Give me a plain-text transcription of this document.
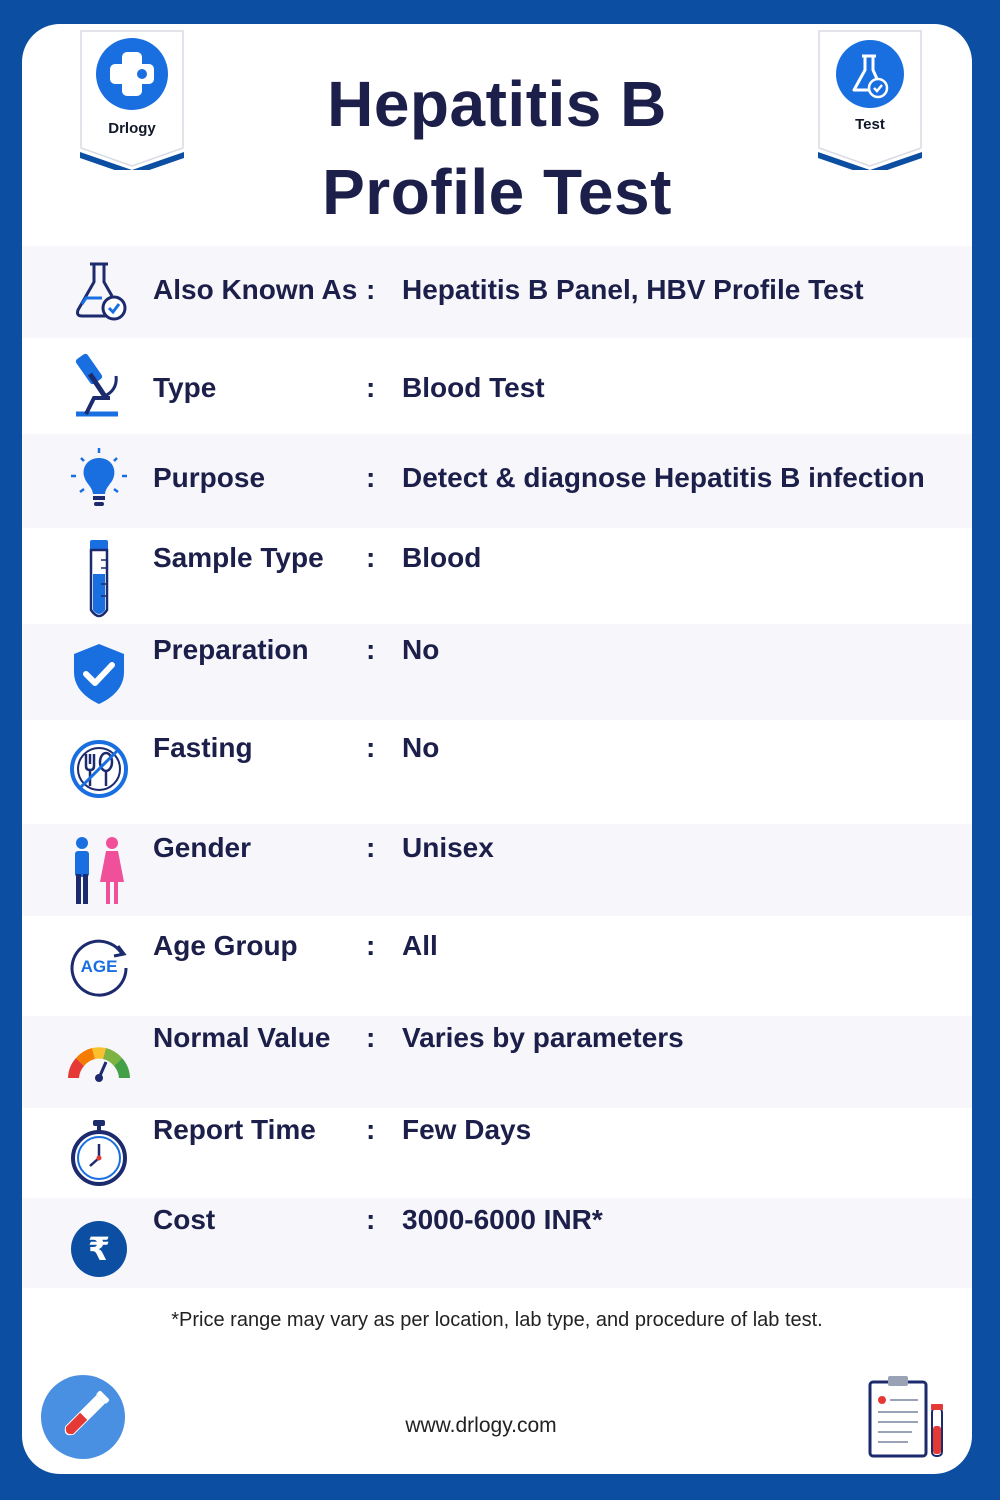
Drlogy	Test
Hepatitis B
Profile Test
Also Known As : Hepatitis B Panel, HBV Profile Test
Type	: Blood Test
Purpose	: Detect & diagnose Hepatitis B infection
Sample Type : Blood
Preparation : No
Fasting	: No
Gender	: Unisex
AGE
Age Group : All
Normal Value : Varies by parameters
Report Time : Few Days
₹
Cost	: 3000-6000 INR*
*Price range may vary as per location, lab type, and procedure of lab test.
www.drlogy.com
